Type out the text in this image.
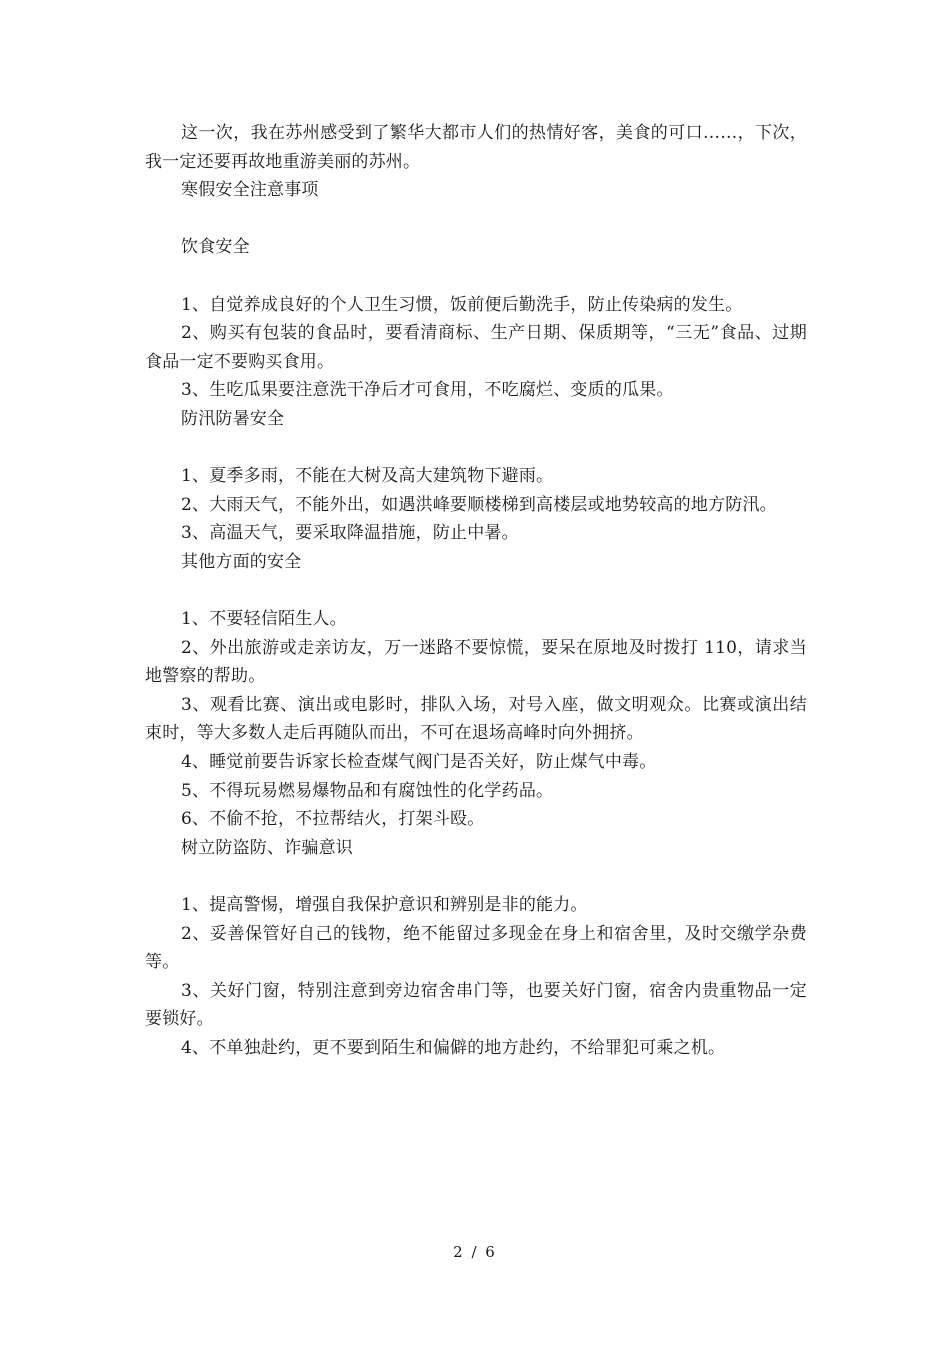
这一次，我在苏州感受到了繁华大都市人们的热情好客，美食的可口……，下次，我一定还要再故地重游美丽的苏州。

寒假安全注意事项

饮食安全

1、自觉养成良好的个人卫生习惯，饭前便后勤洗手，防止传染病的发生。

2、购买有包装的食品时，要看清商标、生产日期、保质期等，“三无”食品、过期食品一定不要购买食用。

3、生吃瓜果要注意洗干净后才可食用，不吃腐烂、变质的瓜果。

防汛防暑安全

1、夏季多雨，不能在大树及高大建筑物下避雨。

2、大雨天气，不能外出，如遇洪峰要顺楼梯到高楼层或地势较高的地方防汛。

3、高温天气，要采取降温措施，防止中暑。

其他方面的安全

1、不要轻信陌生人。

2、外出旅游或走亲访友，万一迷路不要惊慌，要呆在原地及时拨打 110，请求当地警察的帮助。

3、观看比赛、演出或电影时，排队入场，对号入座，做文明观众。比赛或演出结束时，等大多数人走后再随队而出，不可在退场高峰时向外拥挤。

4、睡觉前要告诉家长检查煤气阀门是否关好，防止煤气中毒。

5、不得玩易燃易爆物品和有腐蚀性的化学药品。

6、不偷不抢，不拉帮结火，打架斗殴。

树立防盗防、诈骗意识

1、提高警惕，增强自我保护意识和辨别是非的能力。

2、妥善保管好自己的钱物，绝不能留过多现金在身上和宿舍里，及时交缴学杂费等。

3、关好门窗，特别注意到旁边宿舍串门等，也要关好门窗，宿舍内贵重物品一定要锁好。

4、不单独赴约，更不要到陌生和偏僻的地方赴约，不给罪犯可乘之机。

2 / 6
